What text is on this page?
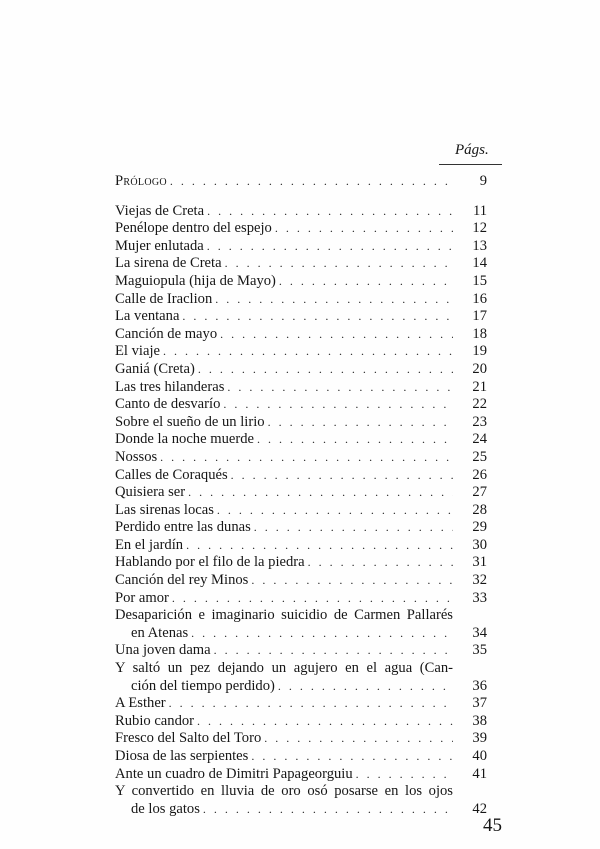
Págs.
Prólogo . . .	9
Viejas de Creta . . .	11
Penélope dentro del espejo . . .	12
Mujer enlutada . . .	13
La sirena de Creta . . .	14
Maguiopula (hija de Mayo) . . .	15
Calle de Iraclion . . .	16
La ventana . . .	17
Canción de mayo . . .	18
El viaje . . .	19
Ganiá (Creta) . . .	20
Las tres hilanderas . . .	21
Canto de desvarío . . .	22
Sobre el sueño de un lirio . . .	23
Donde la noche muerde . . .	24
Nossos . . .	25
Calles de Coraqués . . .	26
Quisiera ser . . .	27
Las sirenas locas . . .	28
Perdido entre las dunas . . .	29
En el jardín . . .	30
Hablando por el filo de la piedra . . .	31
Canción del rey Minos . . .	32
Por amor . . .	33
Desaparición e imaginario suicidio de Carmen Pallarés
en Atenas . . .	34
Una joven dama . . .	35
Y saltó un pez dejando un agujero en el agua (Can-
ción del tiempo perdido) . . .	36
A Esther . . .	37
Rubio candor . . .	38
Fresco del Salto del Toro . . .	39
Diosa de las serpientes . . .	40
Ante un cuadro de Dimitri Papageorguiu . . .	41
Y convertido en lluvia de oro osó posarse en los ojos
de los gatos . . .	42
45
